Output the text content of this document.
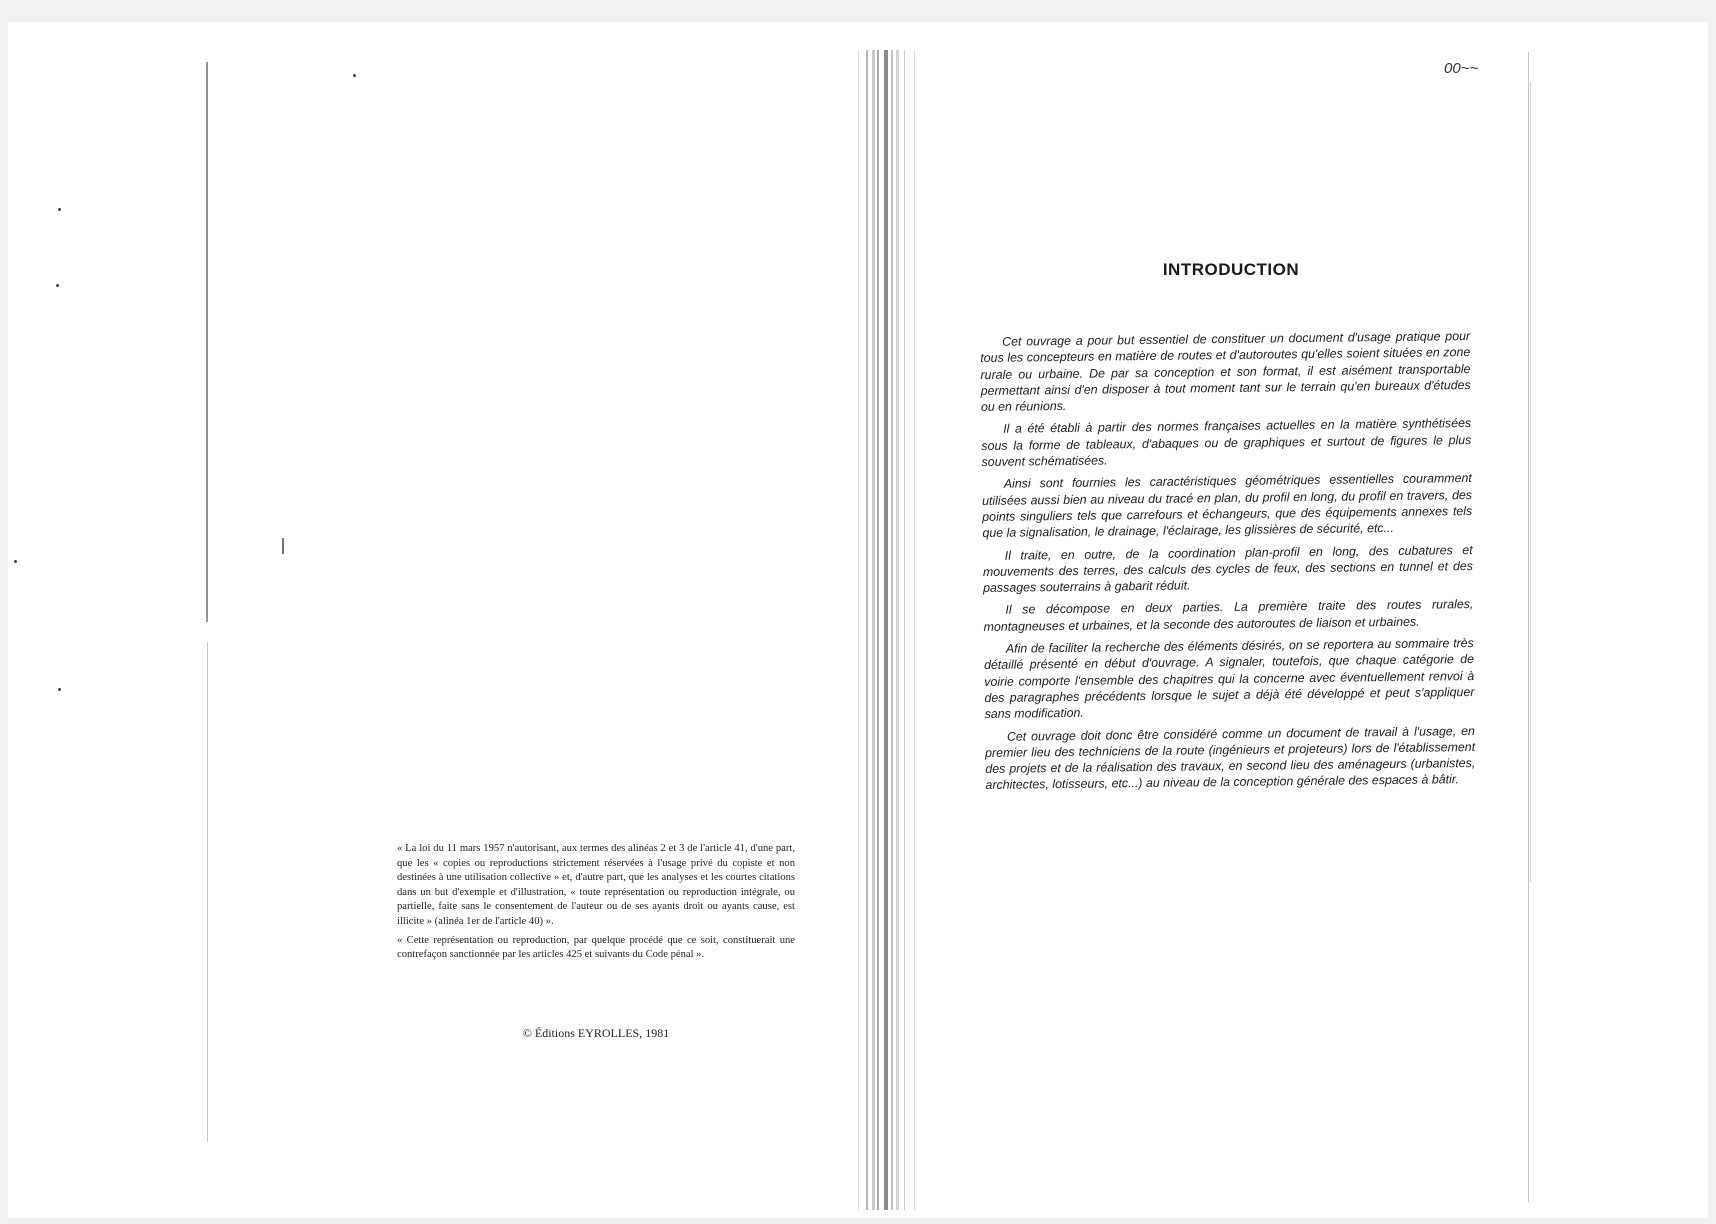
« La loi du 11 mars 1957 n'autorisant, aux termes des alinéas 2 et 3 de l'article 41, d'une part, que les « copies ou reproductions strictement réservées à l'usage privé du copiste et non destinées à une utilisation collective » et, d'autre part, que les analyses et les courtes citations dans un but d'exemple et d'illustration, « toute représentation ou reproduction intégrale, ou partielle, faite sans le consentement de l'auteur ou de ses ayants droit ou ayants cause, est illicite » (alinéa 1er de l'article 40) ».

« Cette représentation ou reproduction, par quelque procédé que ce soit, constituerait une contrefaçon sanctionnée par les articles 425 et suivants du Code pénal ».

© Éditions EYROLLES, 1981
00~~
INTRODUCTION

Cet ouvrage a pour but essentiel de constituer un document d'usage pratique pour tous les concepteurs en matière de routes et d'autoroutes qu'elles soient situées en zone rurale ou urbaine. De par sa conception et son format, il est aisément transportable permettant ainsi d'en disposer à tout moment tant sur le terrain qu'en bureaux d'études ou en réunions.

Il a été établi à partir des normes françaises actuelles en la matière synthétisées sous la forme de tableaux, d'abaques ou de graphiques et surtout de figures le plus souvent schématisées.

Ainsi sont fournies les caractéristiques géométriques essentielles couramment utilisées aussi bien au niveau du tracé en plan, du profil en long, du profil en travers, des points singuliers tels que carrefours et échangeurs, que des équipements annexes tels que la signalisation, le drainage, l'éclairage, les glissières de sécurité, etc...

Il traite, en outre, de la coordination plan-profil en long, des cubatures et mouvements des terres, des calculs des cycles de feux, des sections en tunnel et des passages souterrains à gabarit réduit.

Il se décompose en deux parties. La première traite des routes rurales, montagneuses et urbaines, et la seconde des autoroutes de liaison et urbaines.

Afin de faciliter la recherche des éléments désirés, on se reportera au sommaire très détaillé présenté en début d'ouvrage. A signaler, toutefois, que chaque catégorie de voirie comporte l'ensemble des chapitres qui la concerne avec éventuellement renvoi à des paragraphes précédents lorsque le sujet a déjà été développé et peut s'appliquer sans modification.

Cet ouvrage doit donc être considéré comme un document de travail à l'usage, en premier lieu des techniciens de la route (ingénieurs et projeteurs) lors de l'établissement des projets et de la réalisation des travaux, en second lieu des aménageurs (urbanistes, architectes, lotisseurs, etc...) au niveau de la conception générale des espaces à bâtir.
